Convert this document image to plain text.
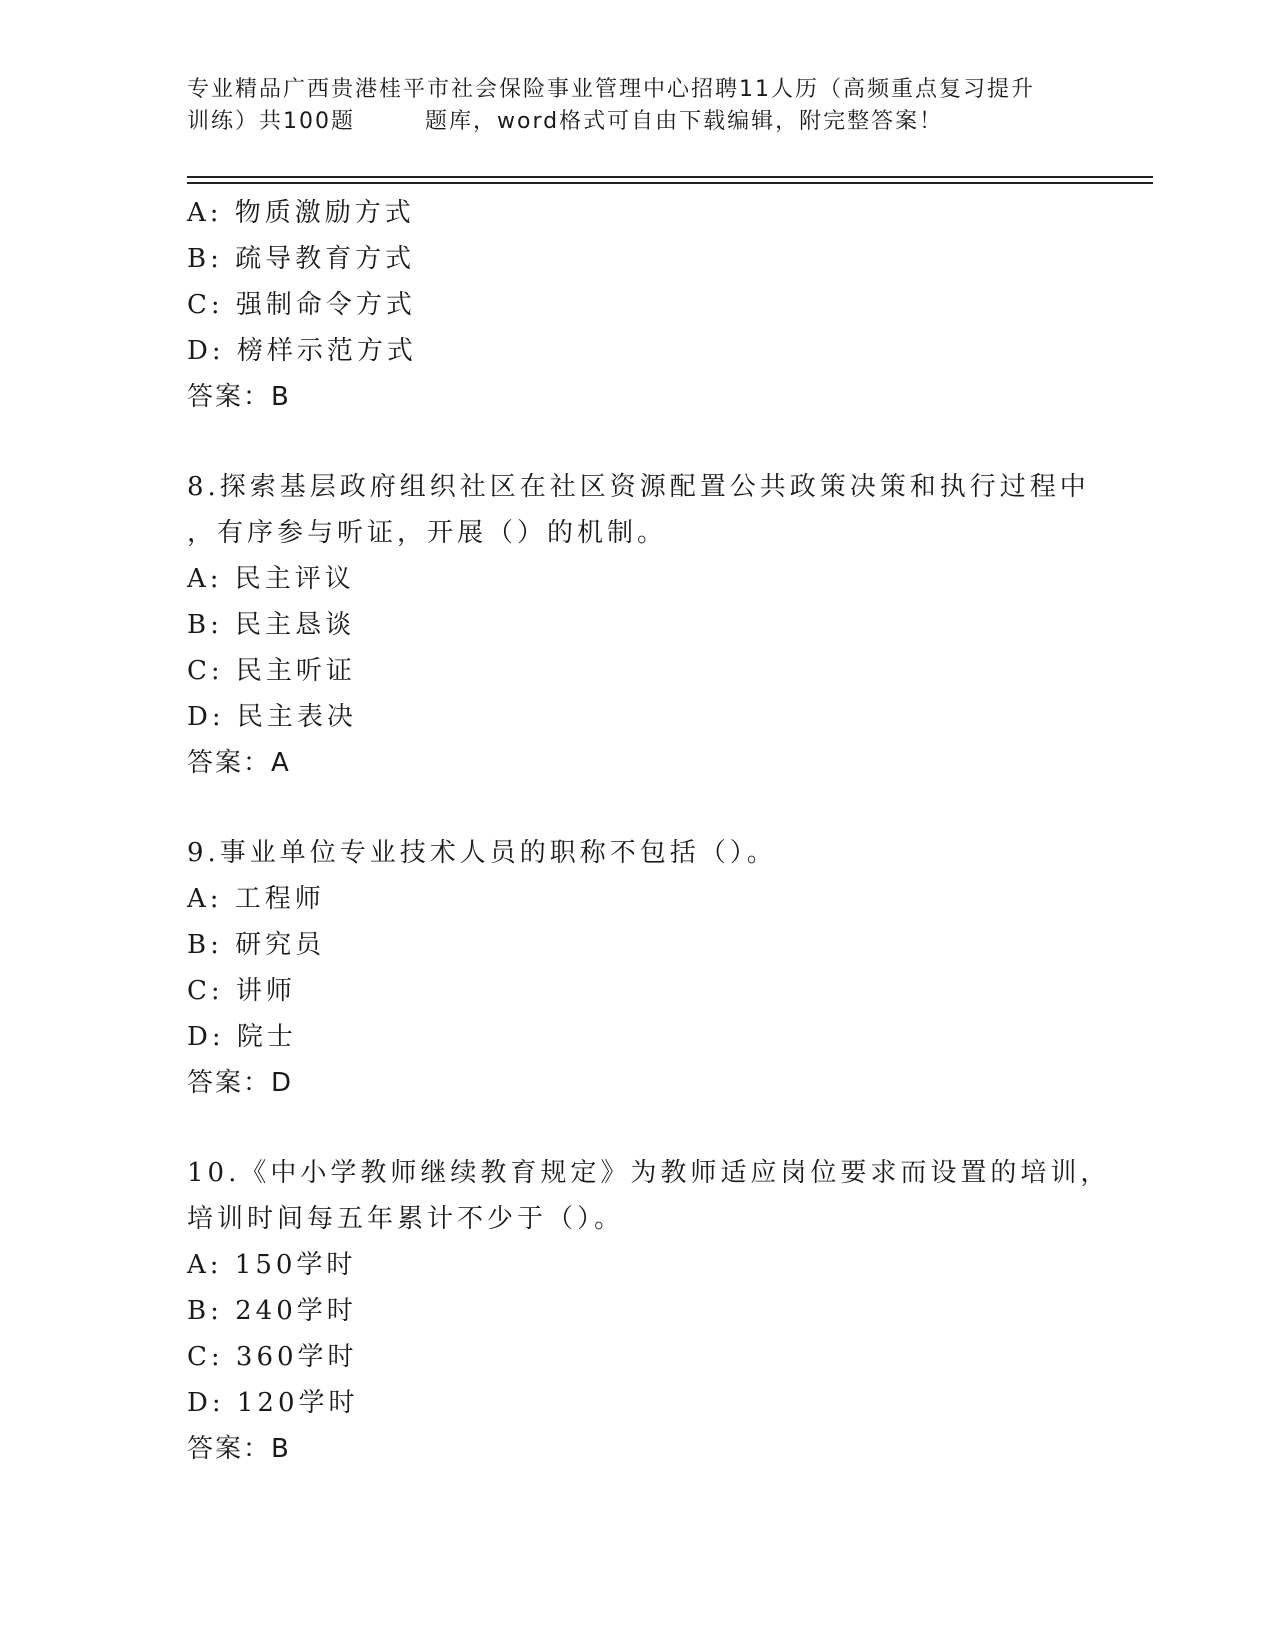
专业精品广西贵港桂平市社会保险事业管理中心招聘11人历（高频重点复习提升
训练）共100题	题库，word格式可自由下载编辑，附完整答案！
A: 物质激励方式
B: 疏导教育方式
C: 强制命令方式
D: 榜样示范方式
答案：B
8.探索基层政府组织社区在社区资源配置公共政策决策和执行过程中
，有序参与听证，开展（）的机制。
A: 民主评议
B: 民主恳谈
C: 民主听证
D: 民主表决
答案：A
9.事业单位专业技术人员的职称不包括（）。
A: 工程师
B: 研究员
C: 讲师
D: 院士
答案：D
10.《中小学教师继续教育规定》为教师适应岗位要求而设置的培训，
培训时间每五年累计不少于（）。
A: 150学时
B: 240学时
C: 360学时
D: 120学时
答案：B
